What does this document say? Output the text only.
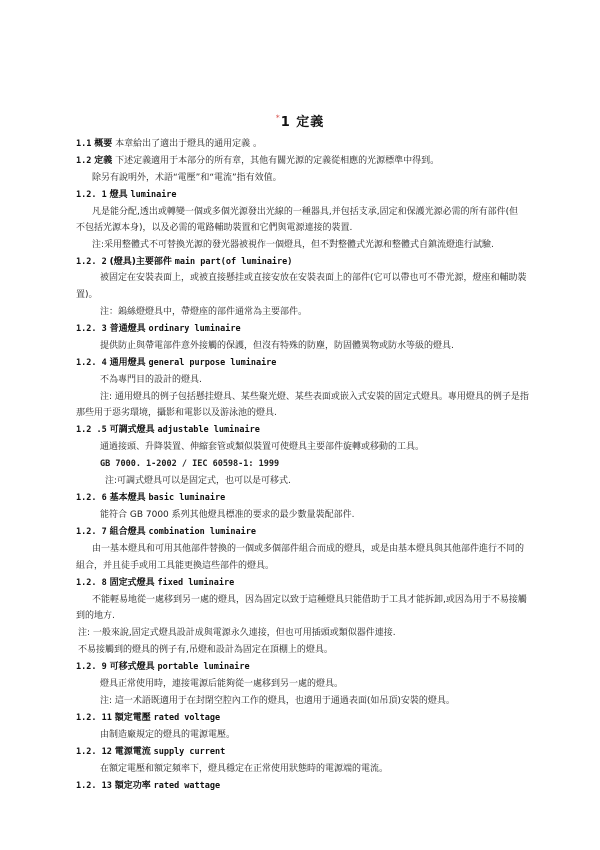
*1 定義
1.1 概要 本章給出了適出于燈具的通用定義 。
1.2 定義 下述定義適用于本部分的所有章，其他有關光源的定義從相應的光源標準中得到。
除另有說明外，术語“電壓”和“電流”指有效值。
1.2. 1 燈具 luminaire
凡是能分配,透出或轉變一個或多個光源發出光線的一種器具,并包括支承,固定和保護光源必需的所有部件(但
不包括光源本身)，以及必需的電路輔助裝置和它們與電源連接的裝置.
注:采用整體式不可替換光源的發光器被視作一個燈具，但不對整體式光源和整體式自鎮流燈進行試驗.
1.2. 2 (燈具)主要部件 main part(of luminaire)
被固定在安裝表面上，或被直接懸挂或直接安放在安裝表面上的部件(它可以帶也可不帶光源，燈座和輔助裝
置)。
注：鎢絲燈燈具中，帶燈座的部件通常為主要部件。
1.2. 3 普通燈具 ordinary luminaire
提供防止與帶電部件意外接觸的保護，但沒有特殊的防塵，防固體異物或防水等級的燈具.
1.2. 4 通用燈具 general purpose luminaire
不為專門目的設計的燈具.
注: 通用燈具的例子包括懸挂燈具、某些聚光燈、某些表面或嵌入式安裝的固定式燈具。專用燈具的例子是指
那些用于惡劣環境，攝影和電影以及游泳池的燈具.
1.2 .5 可調式燈具 adjustable luminaire
通過接頭、升降裝置、伸縮套管或類似裝置可使燈具主要部件旋轉或移動的工具。
GB 7000. 1-2002 / IEC 60598-1: 1999
注:可調式燈具可以是固定式，也可以是可移式.
1.2. 6 基本燈具 basic luminaire
能符合 GB 7000 系列其他燈具標准的要求的最少數量裝配部件.
1.2. 7 組合燈具 combination luminaire
由一基本燈具和可用其他部件替換的一個或多個部件組合而成的燈具，或是由基本燈具與其他部件進行不同的
組合，并且徒手或用工具能更換這些部件的燈具。
1.2. 8 固定式燈具 fixed luminaire
不能輕易地從一處移到另一處的燈具，因為固定以致于這種燈具只能借助于工具才能拆卸,或因為用于不易接觸
到的地方.
注: 一般來說,固定式燈具設計成與電源永久連接，但也可用插頭或類似器件連接.
不易接觸到的燈具的例子有,吊燈和設計為固定在頂棚上的燈具。
1.2. 9 可移式燈具 portable luminaire
燈具正常使用時，連接電源后能夠從一處移到另一處的燈具。
注: 這一术語既適用于在封閉空腔內工作的燈具，也適用于通過表面(如吊頂)安裝的燈具。
1.2. 11 額定電壓 rated voltage
由制造廠規定的燈具的電源電壓。
1.2. 12 電源電流 supply current
在額定電壓和額定頻率下，燈具穩定在正常使用狀態時的電源端的電流。
1.2. 13 額定功率 rated wattage
